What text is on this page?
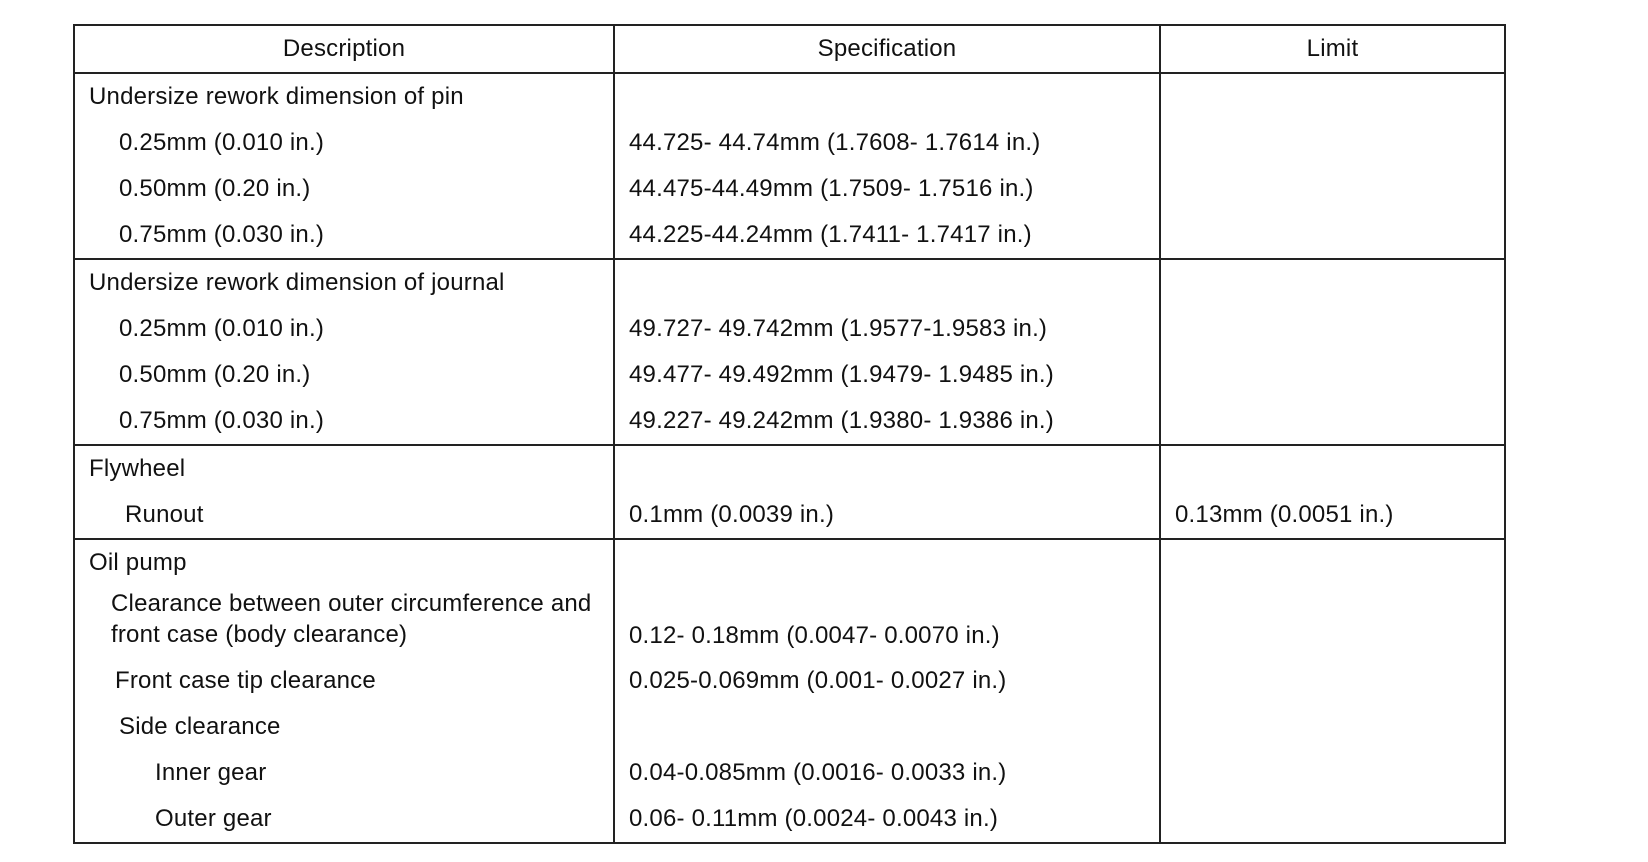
Description	Specification	Limit
Undersize rework dimension of pin		
0.25mm (0.010 in.)	44.725- 44.74mm (1.7608- 1.7614 in.)	
0.50mm (0.20 in.)	44.475-44.49mm (1.7509- 1.7516 in.)	
0.75mm (0.030 in.)	44.225-44.24mm (1.7411- 1.7417 in.)	
Undersize rework dimension of journal		
0.25mm (0.010 in.)	49.727- 49.742mm (1.9577-1.9583 in.)	
0.50mm (0.20 in.)	49.477- 49.492mm (1.9479- 1.9485 in.)	
0.75mm (0.030 in.)	49.227- 49.242mm (1.9380- 1.9386 in.)	
Flywheel		
Runout	0.1mm (0.0039 in.)	0.13mm (0.0051 in.)
Oil pump		
Clearance between outer circumference and front case (body clearance)	0.12- 0.18mm (0.0047- 0.0070 in.)	
Front case tip clearance	0.025-0.069mm (0.001- 0.0027 in.)	
Side clearance		
Inner gear	0.04-0.085mm (0.0016- 0.0033 in.)	
Outer gear	0.06- 0.11mm (0.0024- 0.0043 in.)	
